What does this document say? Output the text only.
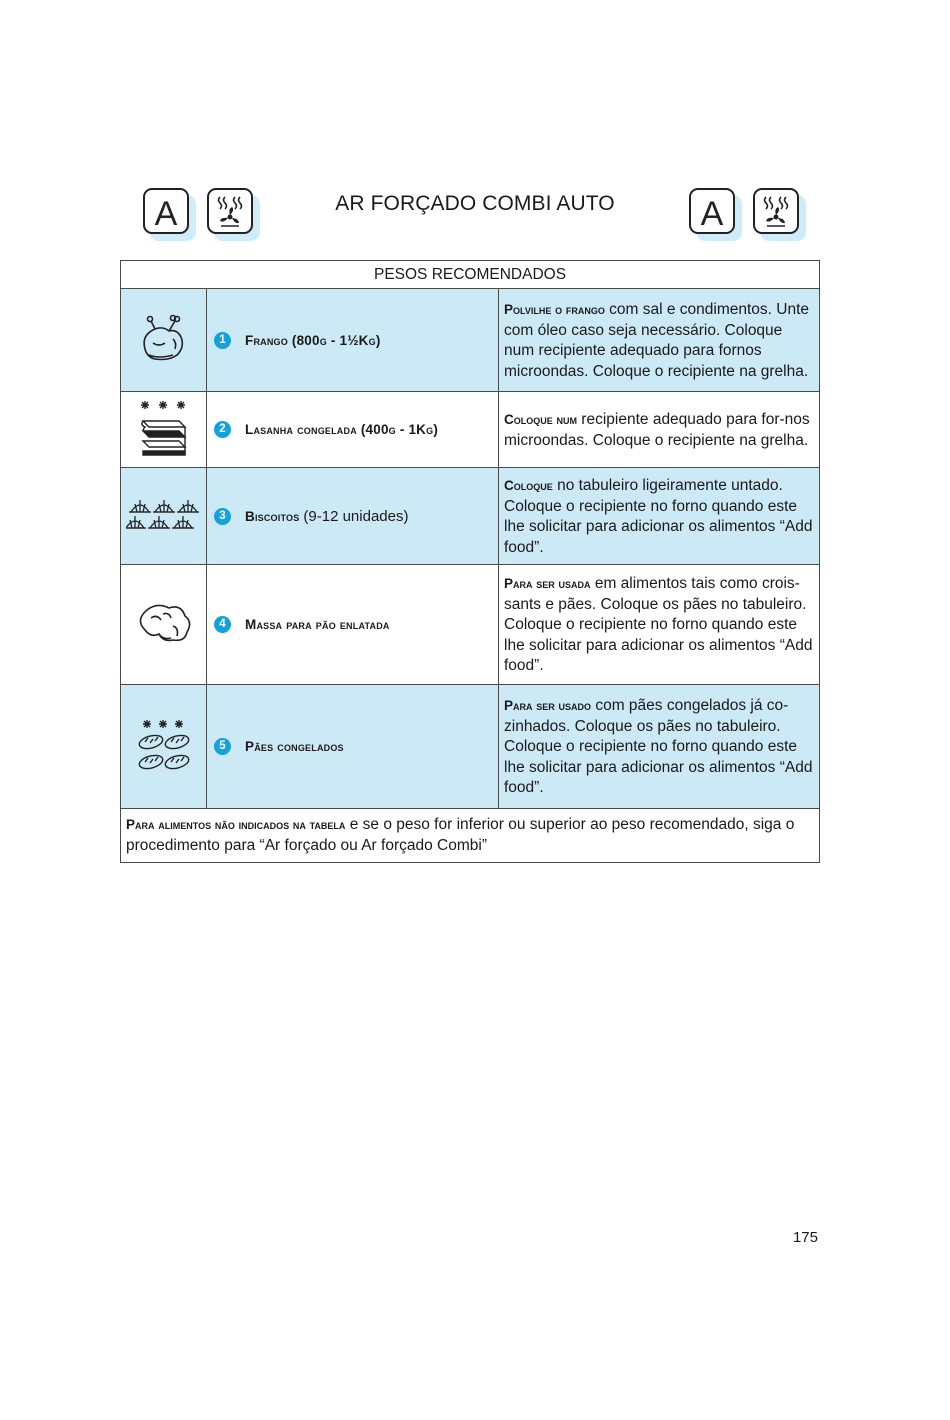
A	AR FORÇADO COMBI AUTO	A
PESOS RECOMENDADOS		

1 Frango (800g - 1½Kg)	Polvilhe o frango com sal e condimentos. Unte com óleo caso seja necessário. Coloque num recipiente adequado para fornos microondas. Coloque o recipiente na grelha.

2 Lasanha congelada (400g - 1Kg)	Coloque num recipiente adequado para for-nos microondas. Coloque o recipiente na grelha.

3 Biscoitos (9-12 unidades)	Coloque no tabuleiro ligeiramente untado. Coloque o recipiente no forno quando este lhe solicitar para adicionar os alimentos “Add food”.

4 Massa para pão enlatada	Para ser usada em alimentos tais como crois-sants e pães. Coloque os pães no tabuleiro. Coloque o recipiente no forno quando este lhe solicitar para adicionar os alimentos “Add food”.

5 Pães congelados	Para ser usado com pães congelados já co-zinhados. Coloque os pães no tabuleiro. Coloque o recipiente no forno quando este lhe solicitar para adicionar os alimentos “Add food”.
Para alimentos não indicados na tabela e se o peso for inferior ou superior ao peso recomendado, siga o procedimento para “Ar forçado ou Ar forçado Combi”		
175
